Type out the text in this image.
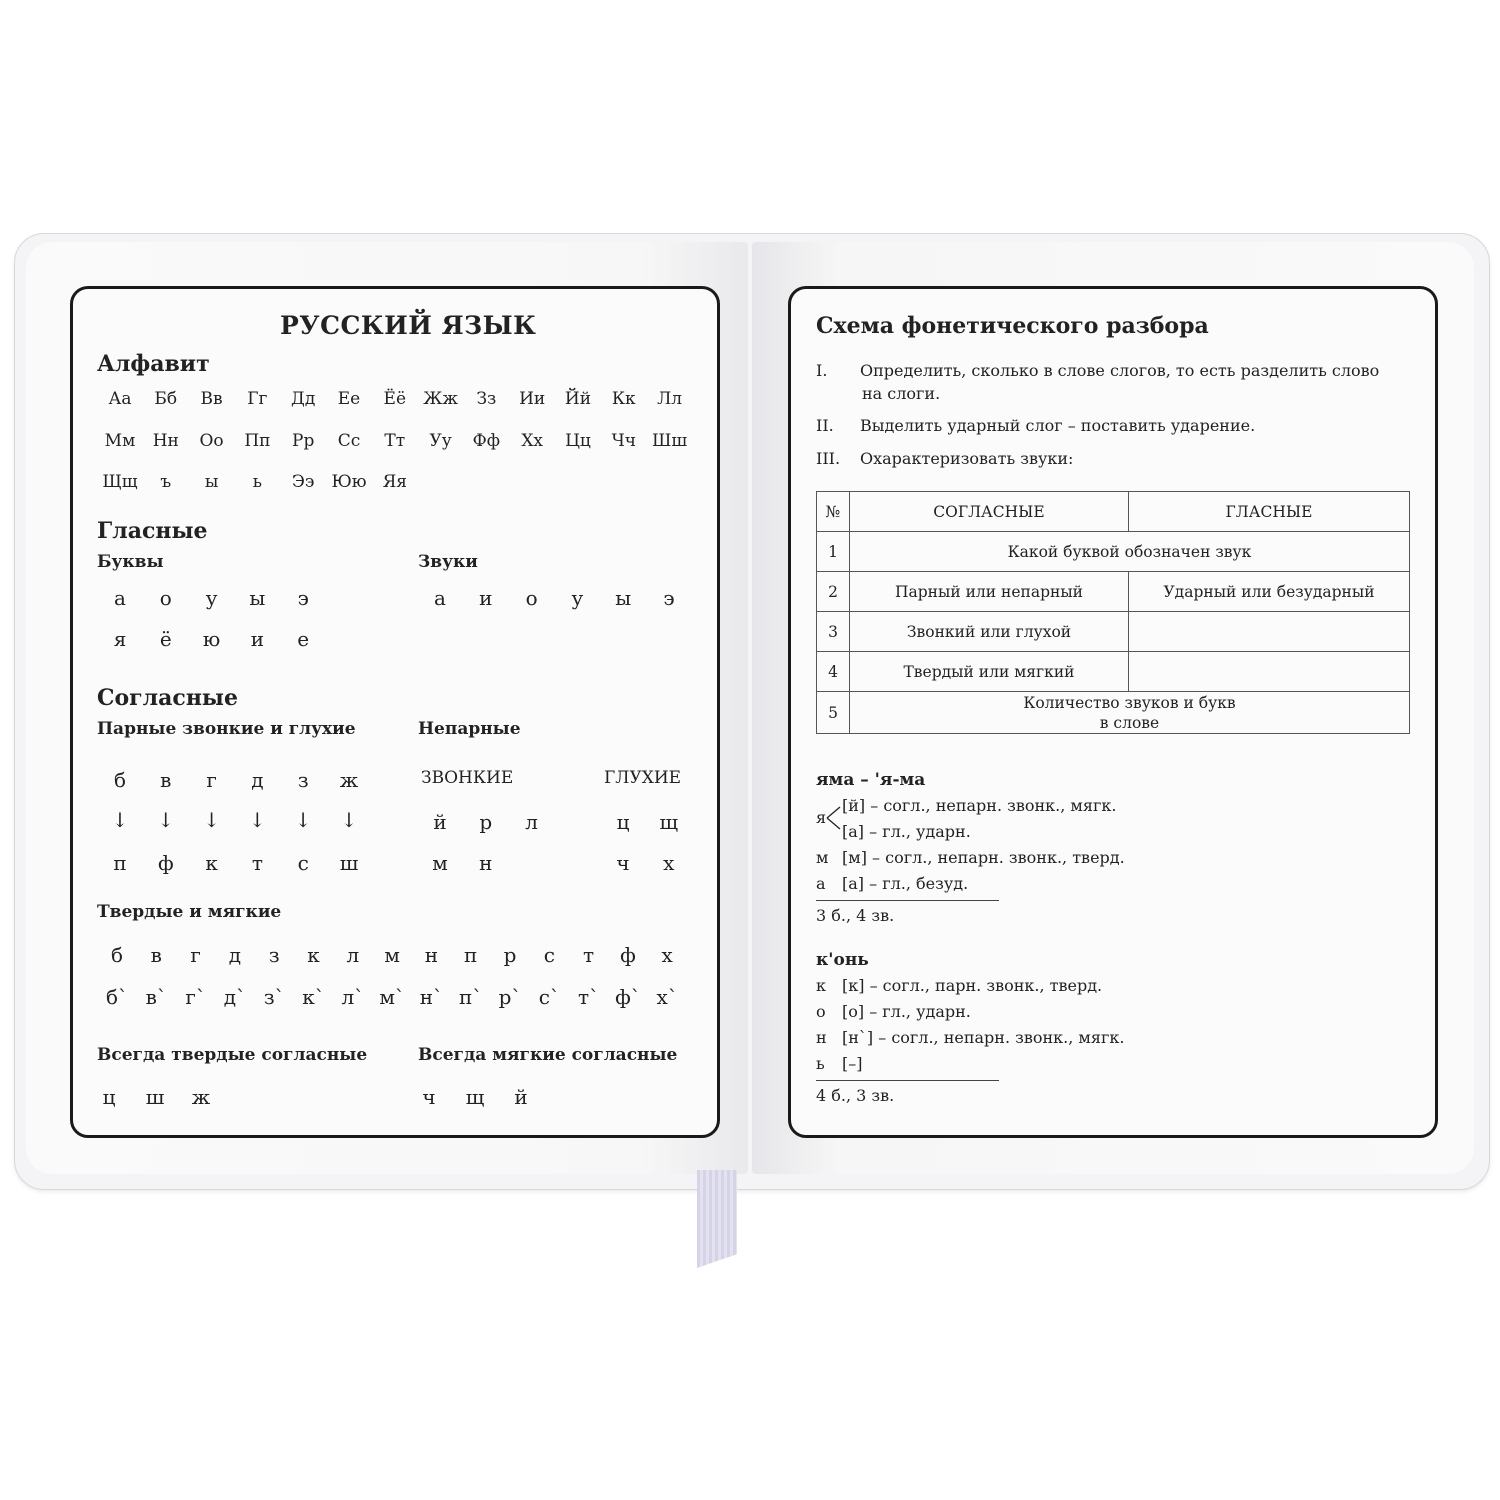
РУССКИЙ ЯЗЫК
Алфавит
Аа	Бб	Вв	Гг	Дд	Ее	Ёё	Жж	Зз	Ии	Йй	Кк	Лл
Мм	Нн	Оо	Пп	Рр	Сс	Тт	Уу	Фф	Хх	Цц	Чч Шш
Щщ	ъ	ы	ь	Ээ	Юю Яя
Гласные
Буквы	Звуки
а	о	у	ы	э
я	ё	ю	и	е
а	и	о	у	ы	э
Согласные
Парные звонкие и глухие	Непарные
ЗВОНКИЕ	ГЛУХИЕ
б	в	г	д	з	ж
↓	↓	↓	↓	↓	↓
п	ф	к	т	с	ш
й	р	л
м	н
ц	щ
ч	х
Твердые и мягкие
б	в	г	д	з	к	л	м	н	п	р	с	т	ф	х
б` в` г` д` з` к` л` м` н` п` р` с` т` ф` х`
Всегда твердые согласные	Всегда мягкие согласные
ц	ш	ж	ч	щ	й
Схема фонетического разбора
I. Определить, сколько в слове слогов, то есть разделить слово
на слоги.
II. Выделить ударный слог – поставить ударение.
III. Охарактеризовать звуки:
№	СОГЛАСНЫЕ	ГЛАСНЫЕ
1	Какой буквой обозначен звук	
2	Парный или непарный	Ударный или безударный
3	Звонкий или глухой	
4	Твердый или мягкий	
5	Количество звуков и букв
в слове	
яма – 'я-ма
я
[й] – согл., непарн. звонк., мягк.
[а] – гл., ударн.
м [м] – согл., непарн. звонк., тверд.
а [а] – гл., безуд.
3 б., 4 зв.
к'онь
к [к] – согл., парн. звонк., тверд.
о [о] – гл., ударн.
н [н`] – согл., непарн. звонк., мягк.
ь [–]
4 б., 3 зв.
